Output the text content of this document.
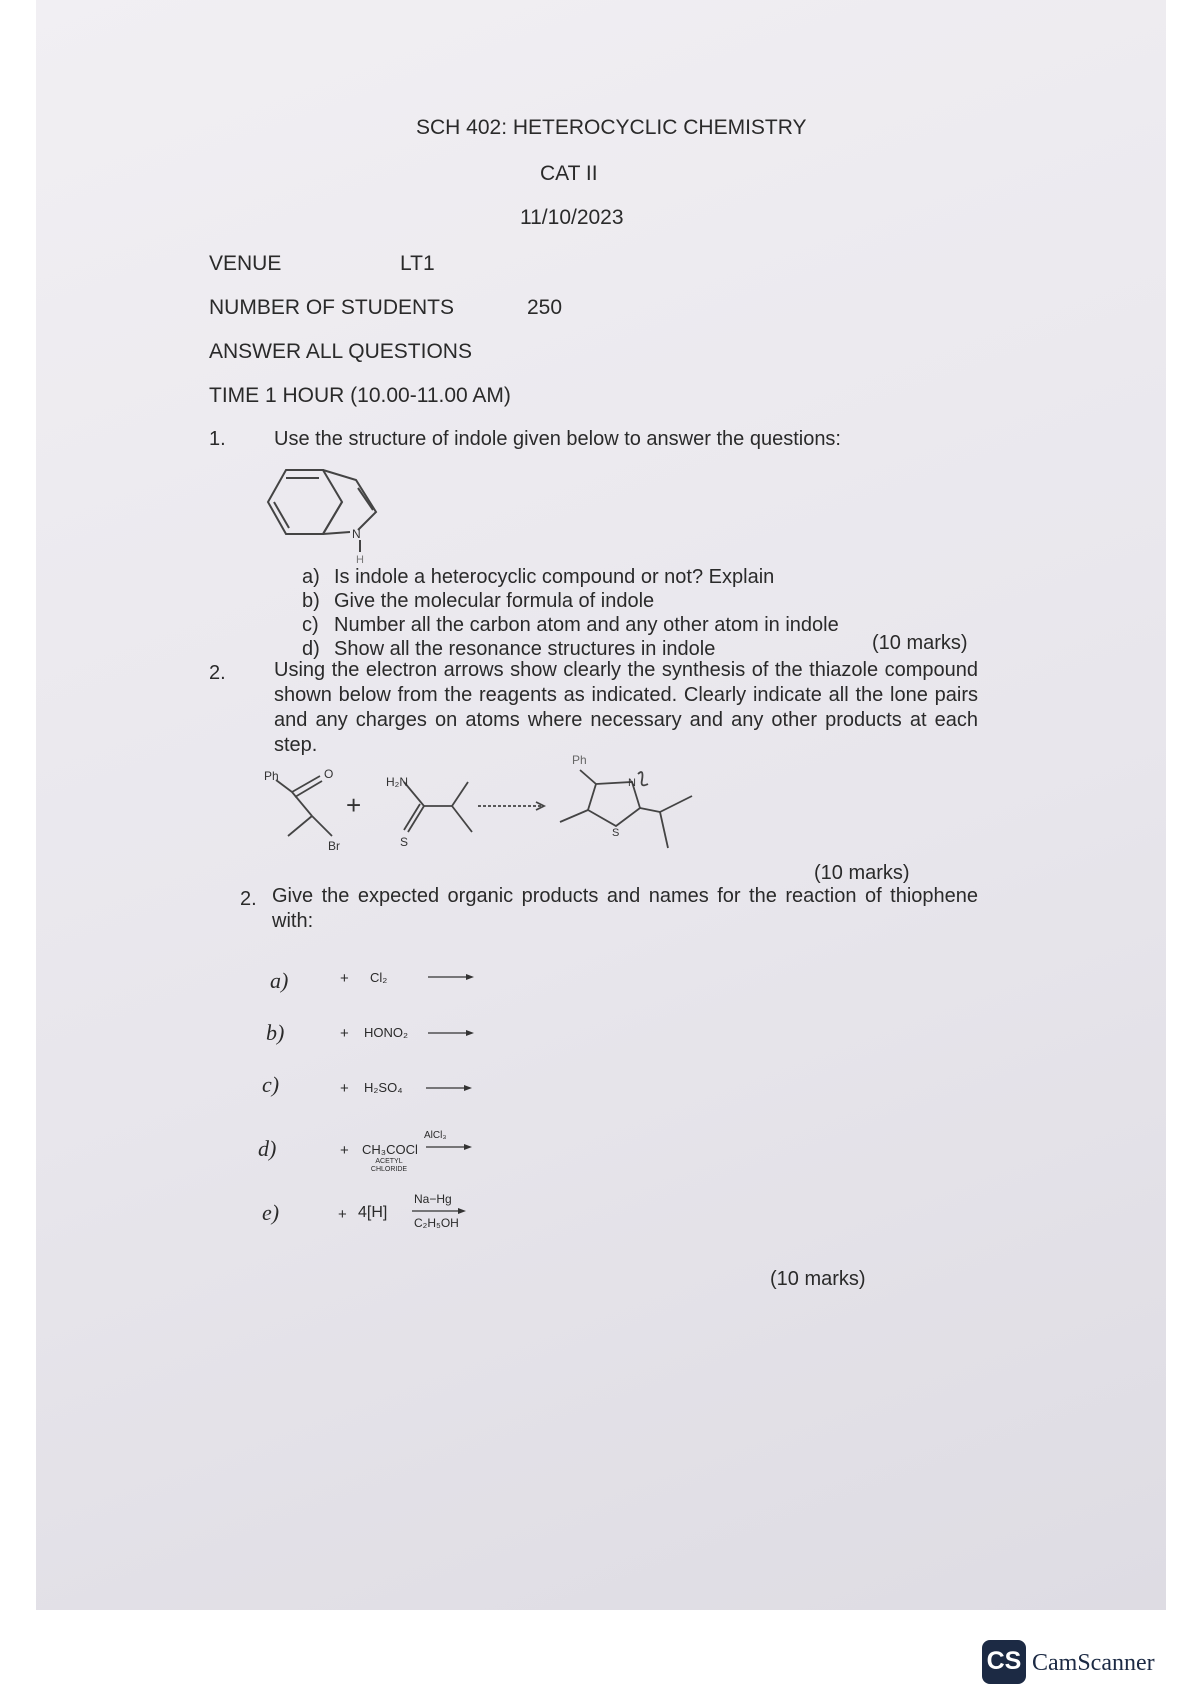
SCH 402: HETEROCYCLIC CHEMISTRY
CAT II
11/10/2023
VENUE	LT1
NUMBER OF STUDENTS	250
ANSWER ALL QUESTIONS
TIME 1 HOUR (10.00-11.00 AM)
1. Use the structure of indole given below to answer the questions:
N
H
a) Is indole a heterocyclic compound or not? Explain
b) Give the molecular formula of indole
c) Number all the carbon atom and any other atom in indole
d) Show all the resonance structures in indole	(10 marks)
2. Using the electron arrows show clearly the synthesis of the thiazole compound shown below from the reagents as indicated. Clearly indicate all the lone pairs and any charges on atoms where necessary and any other products at each step.
Ph	O
Br
+
H₂N
S
Ph
N
S
(10 marks)
2. Give the expected organic products and names for the reaction of thiophene with:
a)	+ Cl₂
b)	+ HONO₂
c)	+ H₂SO₄
d)	+ CH₃COCl
ACETYL CHLORIDE
AlCl₃
e)	+ 4[H]
Na−Hg
C₂H₅OH
(10 marks)
CS CamScanner
